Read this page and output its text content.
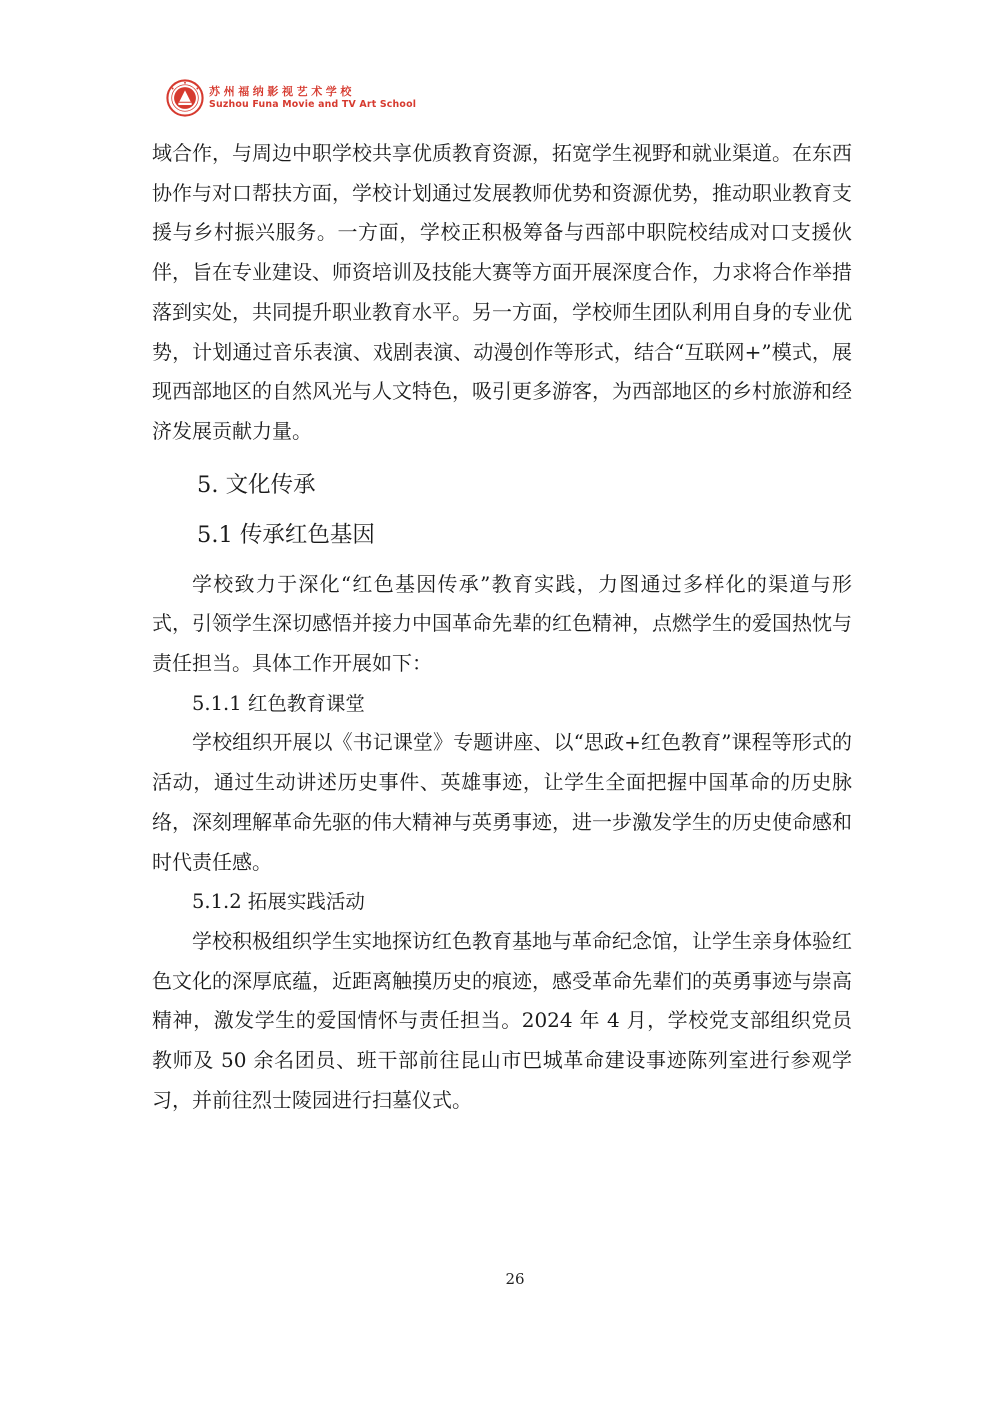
苏州福纳影视艺术学校
Suzhou Funa Movie and TV Art School

域合作，与周边中职学校共享优质教育资源，拓宽学生视野和就业渠道。在东西协作与对口帮扶方面，学校计划通过发展教师优势和资源优势，推动职业教育支援与乡村振兴服务。一方面，学校正积极筹备与西部中职院校结成对口支援伙伴，旨在专业建设、师资培训及技能大赛等方面开展深度合作，力求将合作举措落到实处，共同提升职业教育水平。另一方面，学校师生团队利用自身的专业优势，计划通过音乐表演、戏剧表演、动漫创作等形式，结合“互联网+”模式，展现西部地区的自然风光与人文特色，吸引更多游客，为西部地区的乡村旅游和经济发展贡献力量。

5. 文化传承
5.1 传承红色基因

学校致力于深化“红色基因传承”教育实践，力图通过多样化的渠道与形式，引领学生深切感悟并接力中国革命先辈的红色精神，点燃学生的爱国热忱与责任担当。具体工作开展如下：

5.1.1 红色教育课堂

学校组织开展以《书记课堂》专题讲座、以“思政+红色教育”课程等形式的活动，通过生动讲述历史事件、英雄事迹，让学生全面把握中国革命的历史脉络，深刻理解革命先驱的伟大精神与英勇事迹，进一步激发学生的历史使命感和时代责任感。

5.1.2 拓展实践活动

学校积极组织学生实地探访红色教育基地与革命纪念馆，让学生亲身体验红色文化的深厚底蕴，近距离触摸历史的痕迹，感受革命先辈们的英勇事迹与崇高精神，激发学生的爱国情怀与责任担当。2024 年 4 月，学校党支部组织党员教师及 50 余名团员、班干部前往昆山市巴城革命建设事迹陈列室进行参观学习，并前往烈士陵园进行扫墓仪式。

26
